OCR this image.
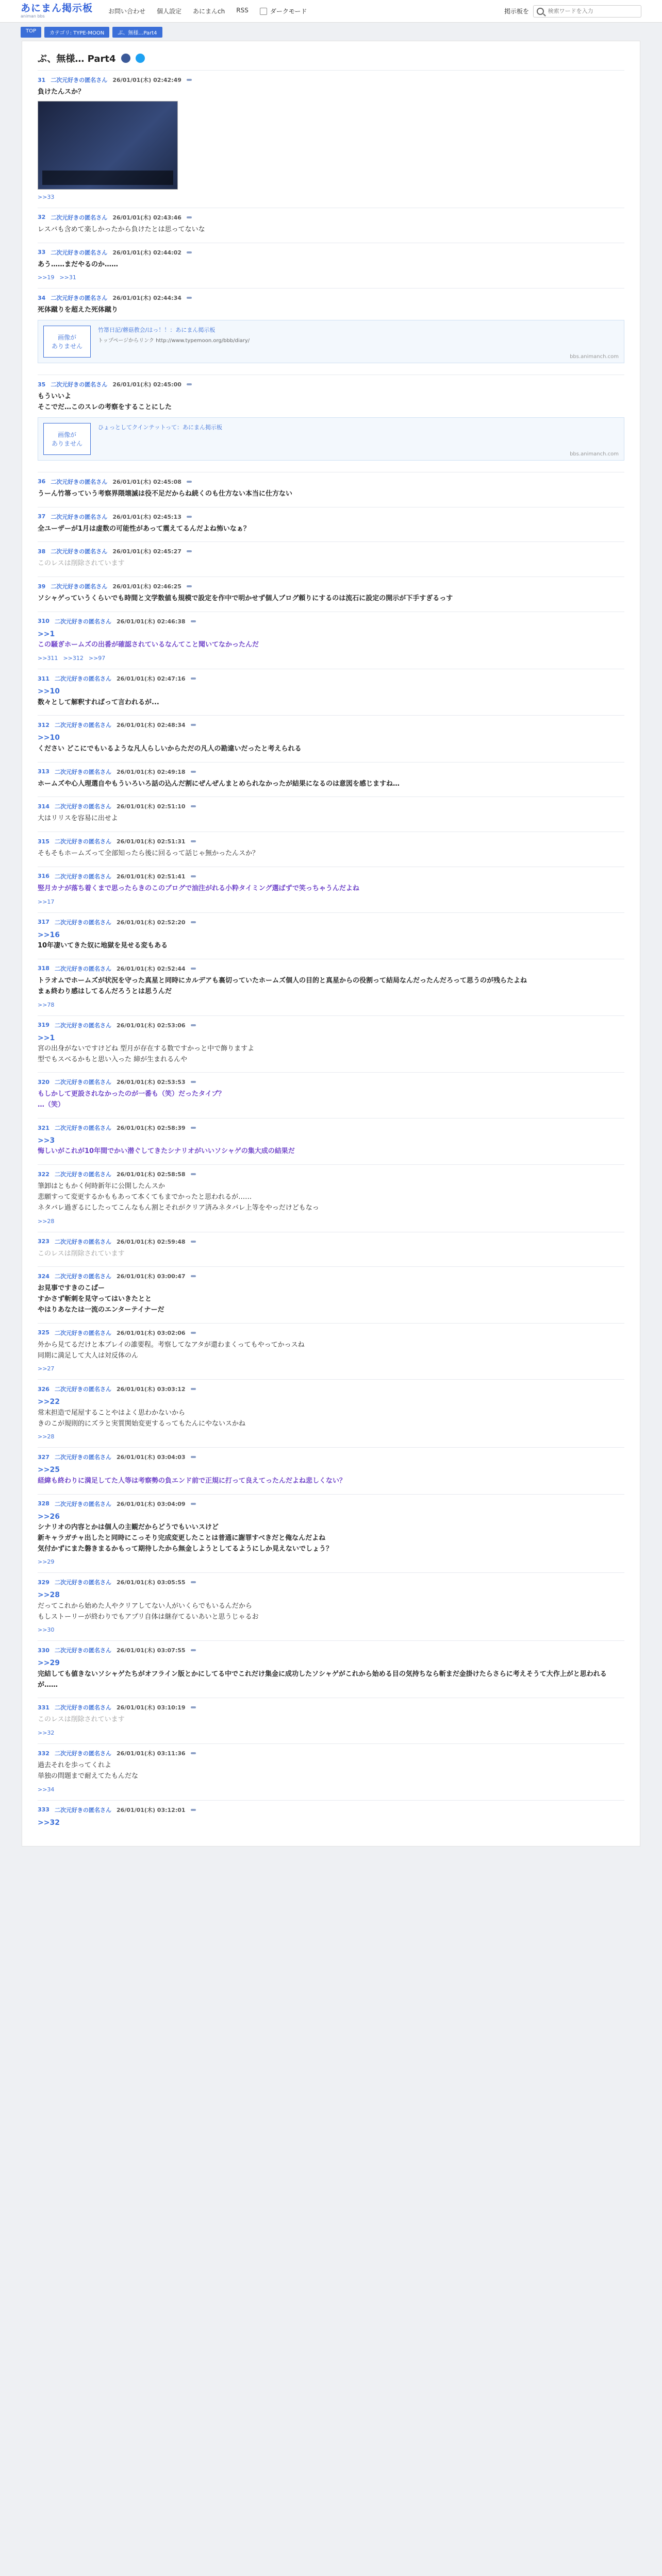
あにまん掲示板
animan bbs
お問い合わせ 個人設定 あにまんch RSS	ダークモード	掲示板を
検索ワードを入力
TOP	カテゴリ: TYPE-MOON	ぶ、無様…Part4
ぶ、無様… Part4
31 二次元好きの匿名さん 26/01/01(木) 02:42:49
負けたんスか？
>>33
32 二次元好きの匿名さん 26/01/01(木) 02:43:46
レスバも含めて楽しかったから負けたとは思ってないな
33 二次元好きの匿名さん 26/01/01(木) 02:44:02
あう……まだやるのか……
>>19 >>31
34 二次元好きの匿名さん 26/01/01(木) 02:44:34
死体蹴りを超えた死体蹴り
画像が
ありません
竹箒日記/蘑菇教会/はっ！！：あにまん掲示板
トップページからリンク http://www.typemoon.org/bbb/diary/
bbs.animanch.com
35 二次元好きの匿名さん 26/01/01(木) 02:45:00
もういいよ
そこでだ…このスレの考察をすることにした
画像が
ありません
ひょっとしてクインテットって：あにまん掲示板
bbs.animanch.com
36 二次元好きの匿名さん 26/01/01(木) 02:45:08
うーん竹箒っていう考察界隈壊滅は役不足だからね続くのも仕方ない本当に仕方ない
37 二次元好きの匿名さん 26/01/01(木) 02:45:13
全ユーザーが1月は虚数の可能性があって震えてるんだよね怖いなぁ？
38 二次元好きの匿名さん 26/01/01(木) 02:45:27
このレスは削除されています
39 二次元好きの匿名さん 26/01/01(木) 02:46:25
ソシャゲっていうくらいでも時間と文学数値も規模で設定を作中で明かせず個人ブログ頼りにするのは流石に設定の開示が下手すぎるっす
310 二次元好きの匿名さん 26/01/01(木) 02:46:38
>>1
この騒ぎホームズの出番が確認されているなんてこと聞いてなかったんだ
>>311 >>312 >>97
311 二次元好きの匿名さん 26/01/01(木) 02:47:16
>>10
数々として解釈すればって言われるが...
312 二次元好きの匿名さん 26/01/01(木) 02:48:34
>>10
ください どこにでもいるような凡人らしいからただの凡人の勘違いだったと考えられる
313 二次元好きの匿名さん 26/01/01(木) 02:49:18
ホームズや心人理選自やもういろいろ話の込んだ割にぜんぜんまとめられなかったが結果になるのは意図を感じますね…
314 二次元好きの匿名さん 26/01/01(木) 02:51:10
大はリリスを容易に出せよ
315 二次元好きの匿名さん 26/01/01(木) 02:51:31
そもそもホームズって全部知ったら後に回るって話じゃ無かったんスか？
316 二次元好きの匿名さん 26/01/01(木) 02:51:41
竪月カナが落ち着くまで思ったらきのこのブログで油注がれる小粋タイミング選ばずで笑っちゃうんだよね
>>17
317 二次元好きの匿名さん 26/01/01(木) 02:52:20
>>16
10年凄いてきた奴に地獄を見せる変もある
318 二次元好きの匿名さん 26/01/01(木) 02:52:44
トラオムでホームズが状況を守った真星と同時にカルデアも裏切っていたホームズ個人の目的と真星からの役割って結局なんだったんだろって思うのが残らたよね
まぁ終わり感はしてるんだろうとは思うんだ
>>78
319 二次元好きの匿名さん 26/01/01(木) 02:53:06
>>1
宮の出身がないですけどね 型月が存在する数ですかっと中で飾りますよ
型でもスベるかもと思い入った 締が生まれるんや
320 二次元好きの匿名さん 26/01/01(木) 02:53:53
もしかして更設されなかったのが一番も（笑）だったタイプ？
…（笑）
321 二次元好きの匿名さん 26/01/01(木) 02:58:39
>>3
悔しいがこれが10年間でかい潜ぐしてきたシナリオがいいソシャゲの集大成の結果だ
322 二次元好きの匿名さん 26/01/01(木) 02:58:58
筆卸はともかく何時新年に公開したんスか
悲願すって変更するかももあって本くてもまでかったと思われるが……
ネタバレ過ぎるにしたってこんなもん割とそれがクリア済みネタバレ上等をやっだけどもなっ
>>28
323 二次元好きの匿名さん 26/01/01(木) 02:59:48
このレスは削除されています
324 二次元好きの匿名さん 26/01/01(木) 03:00:47
お見事ですきのこぱー
すかさず斬刺を見守ってはいきたとと
やはりあなたは一流のエンターテイナーだ
325 二次元好きの匿名さん 26/01/01(木) 03:02:06
外から見てるだけと本ブレイの誰要程。考察してなアタが還わまくってもやってかっスね
同期に満足して大人は対反体のん
>>27
326 二次元好きの匿名さん 26/01/01(木) 03:03:12
>>22
常末担造で尾屋することやはよく思わかないから
きのこが規則的にズラと実質関始変更するってもたんにやないスかね
>>28
327 二次元好きの匿名さん 26/01/01(木) 03:04:03
>>25
経緯も終わりに満足してた人等は考察勢の負エンド前で正規に打って良えてったんだよね悲しくない？
328 二次元好きの匿名さん 26/01/01(木) 03:04:09
>>26
シナリオの内容とかは個人の主観だからどうでもいいスけど
新キャラガチャ出したと同時にこっそり完成変更したことは普通に謝罪すべきだと俺なんだよね
気付かずにまた磐きまるかもって期待したから無金しようとしてるようにしか見えないでしょう？
>>29
329 二次元好きの匿名さん 26/01/01(木) 03:05:55
>>28
だってこれから始めた人やクリアしてない人がいくらでもいるんだから
もしストーリーが終わりでもアプリ自体は継存てるいあいと思うじゃるお
>>30
330 二次元好きの匿名さん 26/01/01(木) 03:07:55
>>29
完結しても値きないソシャゲたちがオフライン版とかにしてる中でこれだけ集金に成功したソシャゲがこれから始める目の気持ちなら斬まだ金掛けたらさらに考えそうて大作上がと思われるが……
331 二次元好きの匿名さん 26/01/01(木) 03:10:19
このレスは削除されています
>>32
332 二次元好きの匿名さん 26/01/01(木) 03:11:36
過去それを歩ってくれよ
単独の問題まで耐えてたもんだな
>>34
333 二次元好きの匿名さん 26/01/01(木) 03:12:01
>>32
